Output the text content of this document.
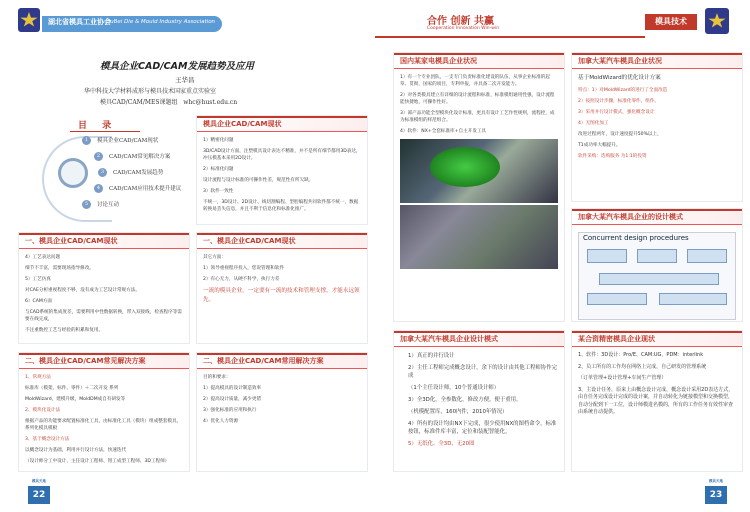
湖北省模具工业协会
HuBei Die & Mould Industry Association
模具企业CAD/CAM发展趋势及应用
王华昌
华中科技大学材料成形与模具技术国家重点实验室
模具CAD/CAM/MES课题组 whc@hust.edu.cn
目 录
1 模具企业CAD/CAM现状
2 CAD/CAM常见解决方案
3 CAD/CAM发展趋势
4 CAD/CAM应用技术提升建议
5 讨论互动
模具企业CAD/CAM现状

1）精密化问题

3D/CAD设计方面，注塑模具设计表达不精准，并不是所有细节都用3D表达，冲压模基本采用2D设计。

2）标准化问题

设计流程与设计标准的可操作性差，规范性有所欠缺。

3）软件一致性

不统一，3D设计、2D设计、线切割编程、型腔编程共同软件都不统一，数据转换易丢失信息，并且不利于信息化和标准化推广。

一、模具企业CAD/CAM现状

4）工艺表达问题

细节不丰富，需要现场指导修改。

5）工艺仿真

对CAE分析重视程度不够，没有成为工艺设计常规方法。

6）CAM方面

与CAD系统的集成度差，需要利用中性数据转换，带入双接线，检查程序等需要在线完成，

不注重数控工艺与经验的积累和复用。

一、模具企业CAD/CAM现状

其它方面：

1）领导重视程序投入，您说管理和软件

2）有心无力，从硬不科学，执行力差

一流的模具企业，一定要有一流的技术和管理支撑，才能永远领先。

二、模具企业CAD/CAM常见解决方案

1、常规方法

标准库（模架、标件、零件）＋二次开发 系列

MoldWizard，建模升级，MoldDM成自有研发等

2、模块化设计法

根据产品的功能要求配置标准化工具，由标准化工具（模块）组成整套模具，系列化模具模板

3、基于概念设计方法

以概念设计为基础，利用并行设计方法，快速迭代

（设计师分工中设计，主任设计工程师、钳工成型工程师、3D工程师）

二、模具企业CAD/CAM常用解决方案

目的和要求：

1）提高模具的设计制造效率

2）提高设计质量，减少更错

3）强化标准的应用和执行

4）优化人力资源

模具天地
22
合作 创新 共赢
Cooperation Innovation Win-win
模具技术
国内某家电模具企业状况

1）有一个专业团队，一支专门负责标准化建设的队伍，从事企业标准的起草、贯彻，国家的项目，专利申报，并具备二次开发能力。

2）对各类模具建立有详细的设计流程和标准，标准模组通用性强，设计流程能快捷地，可操作性好。

3）部产品功能全型模块化设计标准，更具有设计工艺作性规则，流程控，成为标准模组的样范组合。

4）软件：NX+全套标准库+自主开发工具

加拿大某汽车模具企业状况

基于MoldWizard的优化设计方案

特点：1）对MoldWizard的进行了全面改造

2）按照设计步骤，标准化零件、组件。

3）采用并行设计模式，强化概念设计

4）无图化加工

改进过程两年，设计速度提升50%以上，

T1成功率大幅提升。

软件采购：选购服务 为1:1的投资

加拿大某汽车模具企业的设计模式
Concurrent design procedures
加拿大某汽车模具企业设计模式

1）真正的并行设计

2）主任工程师完成概念设计，余下的设计由其他工程师协作完成

（1个主任设计师，10个普通设计师）

3）全3D化，全参数化，修改方便，便于重用。

（机模配置库，160内件，2010年情况）

4）所有的设计均由NX下完成，很少使用NX的图档命令，标准按钮，标准件库丰富，定位和装配智能化。

5）无纸化、全3D、无20图

某合资精密模具企业现状

1、软件：3D设计：Pro/E、CAM:UG，PDM：interlink

2、员工所有的工作均在网络上完成，自己研发的管理系统

（订单管理+设计管理+车间生产管理）

3、主设计任务，原来上由概念设计完成，概念设计采用2D表达方式，由自任务完成设计完成的设计案，并自动转化为链接模型和交换模型，自动分配到下一工位，设计师模进名模的，所有的工作任务有效性审查由系统自动提供。

模具天地
23
